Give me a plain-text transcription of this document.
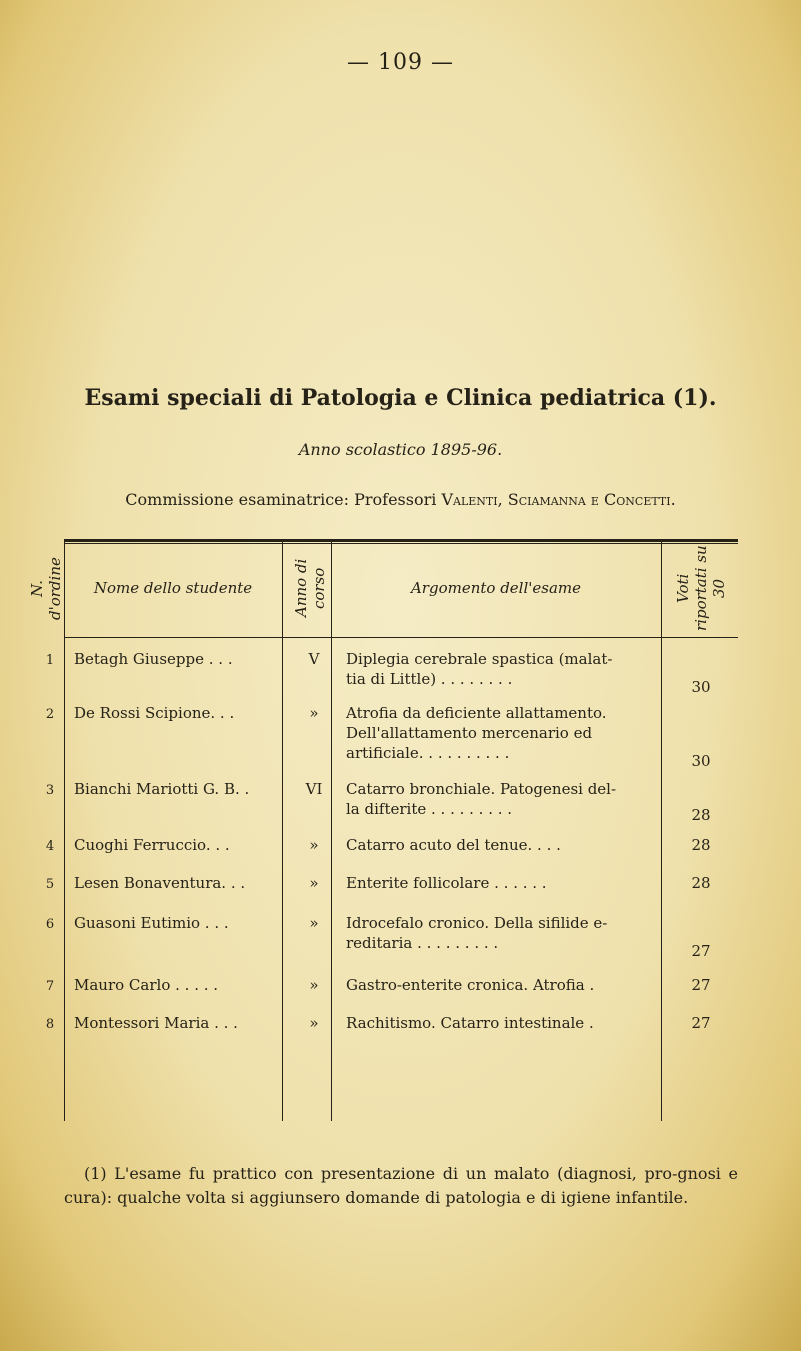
— 109 —
Esami speciali di Patologia e Clinica pediatrica (1).
Anno scolastico 1895-96.
Commissione esaminatrice: Professori Valenti, Sciamanna e Concetti.
N. d'ordine	Nome dello studente	Anno di corso	Argomento dell'esame	Voti riportati su 30
1	Betagh Giuseppe . . .	V	Diplegia cerebrale spastica (malat-
tia di Little) . . . . . . . .	30
2	De Rossi Scipione. . .	»	Atrofia da deficiente allattamento.
Dell'allattamento mercenario ed
artificiale. . . . . . . . . .	30
3	Bianchi Mariotti G. B. .	VI	Catarro bronchiale. Patogenesi del-
la difterite . . . . . . . . .	28
4	Cuoghi Ferruccio. . .	»	Catarro acuto del tenue. . . .	28
5	Lesen Bonaventura. . .	»	Enterite follicolare . . . . . .	28
6	Guasoni Eutimio . . .	»	Idrocefalo cronico. Della sifilide e-
reditaria . . . . . . . . .	27
7	Mauro Carlo . . . . .	»	Gastro-enterite cronica. Atrofia .	27
8	Montessori Maria . . .	»	Rachitismo. Catarro intestinale .	27
(1) L'esame fu prattico con presentazione di un malato (diagnosi, pro-gnosi e cura): qualche volta si aggiunsero domande di patologia e di igiene infantile.
